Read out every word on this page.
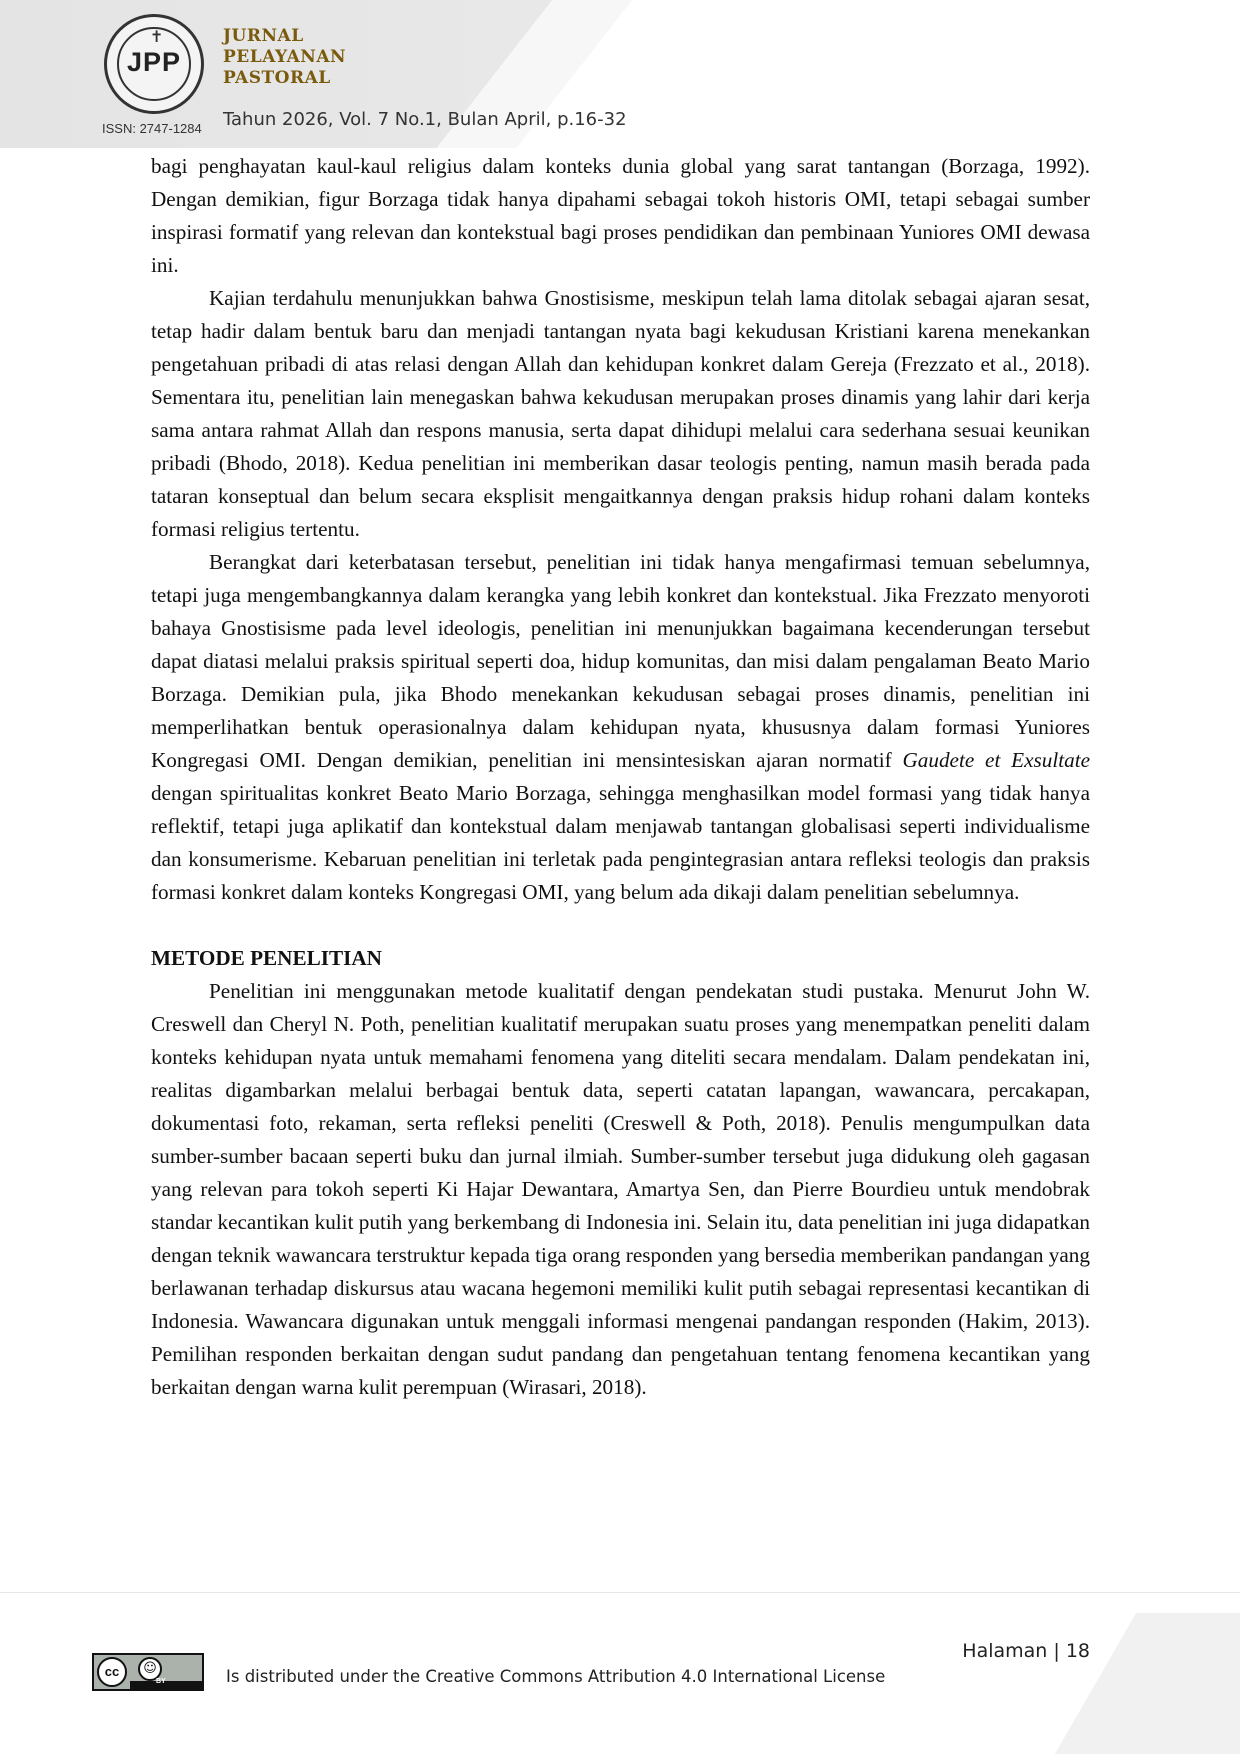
✝
JPP
ISSN: 2747-1284
JURNAL
PELAYANAN
PASTORAL
Tahun 2026, Vol. 7 No.1, Bulan April, p.16-32

bagi penghayatan kaul-kaul religius dalam konteks dunia global yang sarat tantangan (Borzaga, 1992). Dengan demikian, figur Borzaga tidak hanya dipahami sebagai tokoh historis OMI, tetapi sebagai sumber inspirasi formatif yang relevan dan kontekstual bagi proses pendidikan dan pembinaan Yuniores OMI dewasa ini.

Kajian terdahulu menunjukkan bahwa Gnostisisme, meskipun telah lama ditolak sebagai ajaran sesat, tetap hadir dalam bentuk baru dan menjadi tantangan nyata bagi kekudusan Kristiani karena menekankan pengetahuan pribadi di atas relasi dengan Allah dan kehidupan konkret dalam Gereja (Frezzato et al., 2018). Sementara itu, penelitian lain menegaskan bahwa kekudusan merupakan proses dinamis yang lahir dari kerja sama antara rahmat Allah dan respons manusia, serta dapat dihidupi melalui cara sederhana sesuai keunikan pribadi (Bhodo, 2018). Kedua penelitian ini memberikan dasar teologis penting, namun masih berada pada tataran konseptual dan belum secara eksplisit mengaitkannya dengan praksis hidup rohani dalam konteks formasi religius tertentu.

Berangkat dari keterbatasan tersebut, penelitian ini tidak hanya mengafirmasi temuan sebelumnya, tetapi juga mengembangkannya dalam kerangka yang lebih konkret dan kontekstual. Jika Frezzato menyoroti bahaya Gnostisisme pada level ideologis, penelitian ini menunjukkan bagaimana kecenderungan tersebut dapat diatasi melalui praksis spiritual seperti doa, hidup komunitas, dan misi dalam pengalaman Beato Mario Borzaga. Demikian pula, jika Bhodo menekankan kekudusan sebagai proses dinamis, penelitian ini memperlihatkan bentuk operasionalnya dalam kehidupan nyata, khususnya dalam formasi Yuniores Kongregasi OMI. Dengan demikian, penelitian ini mensintesiskan ajaran normatif Gaudete et Exsultate dengan spiritualitas konkret Beato Mario Borzaga, sehingga menghasilkan model formasi yang tidak hanya reflektif, tetapi juga aplikatif dan kontekstual dalam menjawab tantangan globalisasi seperti individualisme dan konsumerisme. Kebaruan penelitian ini terletak pada pengintegrasian antara refleksi teologis dan praksis formasi konkret dalam konteks Kongregasi OMI, yang belum ada dikaji dalam penelitian sebelumnya.

METODE PENELITIAN

Penelitian ini menggunakan metode kualitatif dengan pendekatan studi pustaka. Menurut John W. Creswell dan Cheryl N. Poth, penelitian kualitatif merupakan suatu proses yang menempatkan peneliti dalam konteks kehidupan nyata untuk memahami fenomena yang diteliti secara mendalam. Dalam pendekatan ini, realitas digambarkan melalui berbagai bentuk data, seperti catatan lapangan, wawancara, percakapan, dokumentasi foto, rekaman, serta refleksi peneliti (Creswell & Poth, 2018). Penulis mengumpulkan data sumber-sumber bacaan seperti buku dan jurnal ilmiah. Sumber-sumber tersebut juga didukung oleh gagasan yang relevan para tokoh seperti Ki Hajar Dewantara, Amartya Sen, dan Pierre Bourdieu untuk mendobrak standar kecantikan kulit putih yang berkembang di Indonesia ini. Selain itu, data penelitian ini juga didapatkan dengan teknik wawancara terstruktur kepada tiga orang responden yang bersedia memberikan pandangan yang berlawanan terhadap diskursus atau wacana hegemoni memiliki kulit putih sebagai representasi kecantikan di Indonesia. Wawancara digunakan untuk menggali informasi mengenai pandangan responden (Hakim, 2013). Pemilihan responden berkaitan dengan sudut pandang dan pengetahuan tentang fenomena kecantikan yang berkaitan dengan warna kulit perempuan (Wirasari, 2018).

cc	☺
BY	Is distributed under the Creative Commons Attribution 4.0 International License
Halaman | 18
